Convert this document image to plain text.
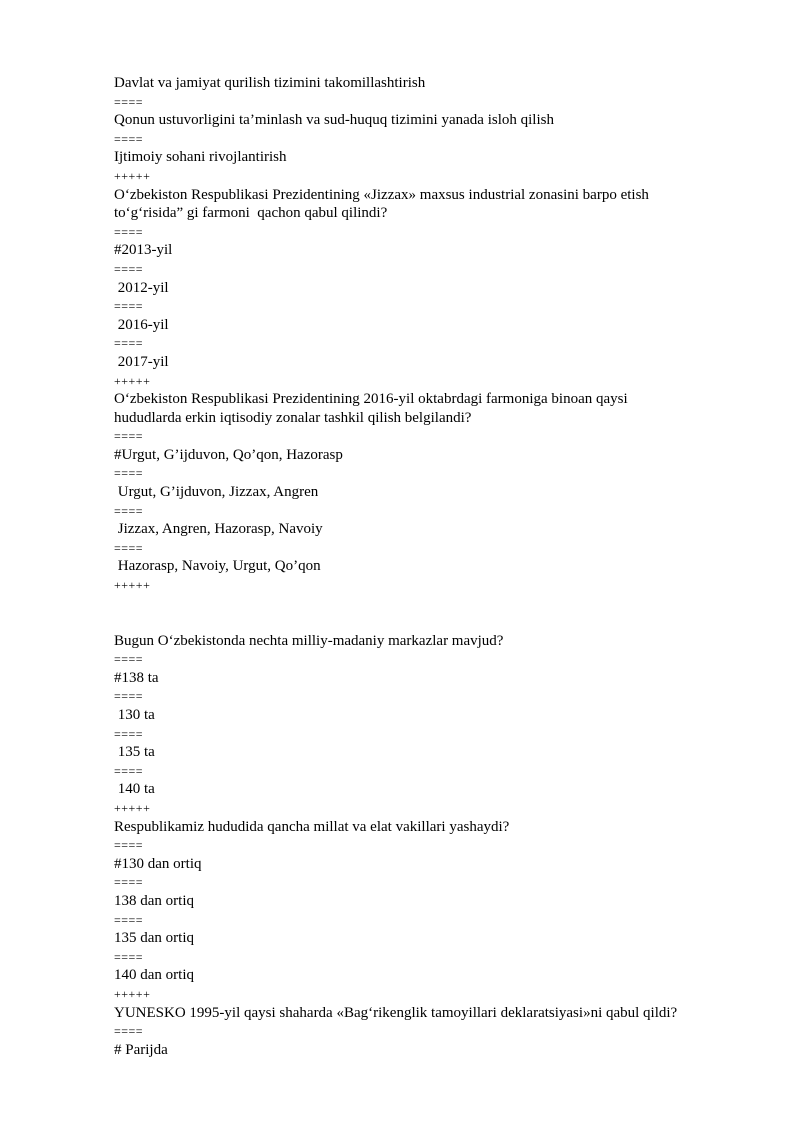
Davlat va jamiyat qurilish tizimini takomillashtirish

====

Qonun ustuvorligini ta’minlash va sud-huquq tizimini yanada isloh qilish

====

Ijtimoiy sohani rivojlantirish

+++++

O‘zbekiston Respublikasi Prezidentining «Jizzax» maxsus industrial zonasini barpo etish

to‘g‘risida” gi farmoni  qachon qabul qilindi?

====

#2013-yil

====

2012-yil

====

2016-yil

====

2017-yil

+++++

O‘zbekiston Respublikasi Prezidentining 2016-yil oktabrdagi farmoniga binoan qaysi

hududlarda erkin iqtisodiy zonalar tashkil qilish belgilandi?

====

#Urgut, G’ijduvon, Qo’qon, Hazorasp

====

Urgut, G’ijduvon, Jizzax, Angren

====

Jizzax, Angren, Hazorasp, Navoiy

====

Hazorasp, Navoiy, Urgut, Qo’qon

+++++

Bugun O‘zbekistonda nechta milliy-madaniy markazlar mavjud?

====

#138 ta

====

130 ta

====

135 ta

====

140 ta

+++++

Respublikamiz hududida qancha millat va elat vakillari yashaydi?

====

#130 dan ortiq

====

138 dan ortiq

====

135 dan ortiq

====

140 dan ortiq

+++++

YUNESKO 1995-yil qaysi shaharda «Bag‘rikenglik tamoyillari deklaratsiyasi»ni qabul qildi?

====

# Parijda
